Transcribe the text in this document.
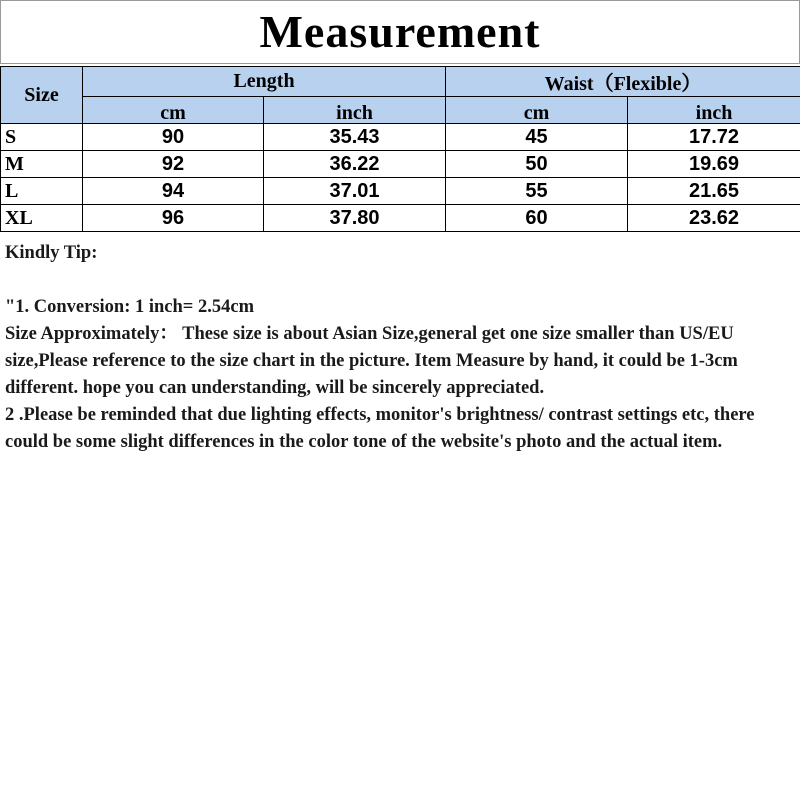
Measurement
Size	Length		Waist（Flexible）	
	cm	inch	cm	inch
S	90	35.43	45	17.72
M	92	36.22	50	19.69
L	94	37.01	55	21.65
XL	96	37.80	60	23.62

Kindly Tip:

"1. Conversion: 1 inch= 2.54cm

Size Approximately： These size is about Asian Size,general get one size smaller than US/EU size,Please reference to the size chart in the picture. Item Measure by hand, it could be 1-3cm different. hope you can understanding, will be sincerely appreciated.

2 .Please be reminded that due lighting effects, monitor's brightness/ contrast settings etc, there could be some slight differences in the color tone of the website's photo and the actual item.
